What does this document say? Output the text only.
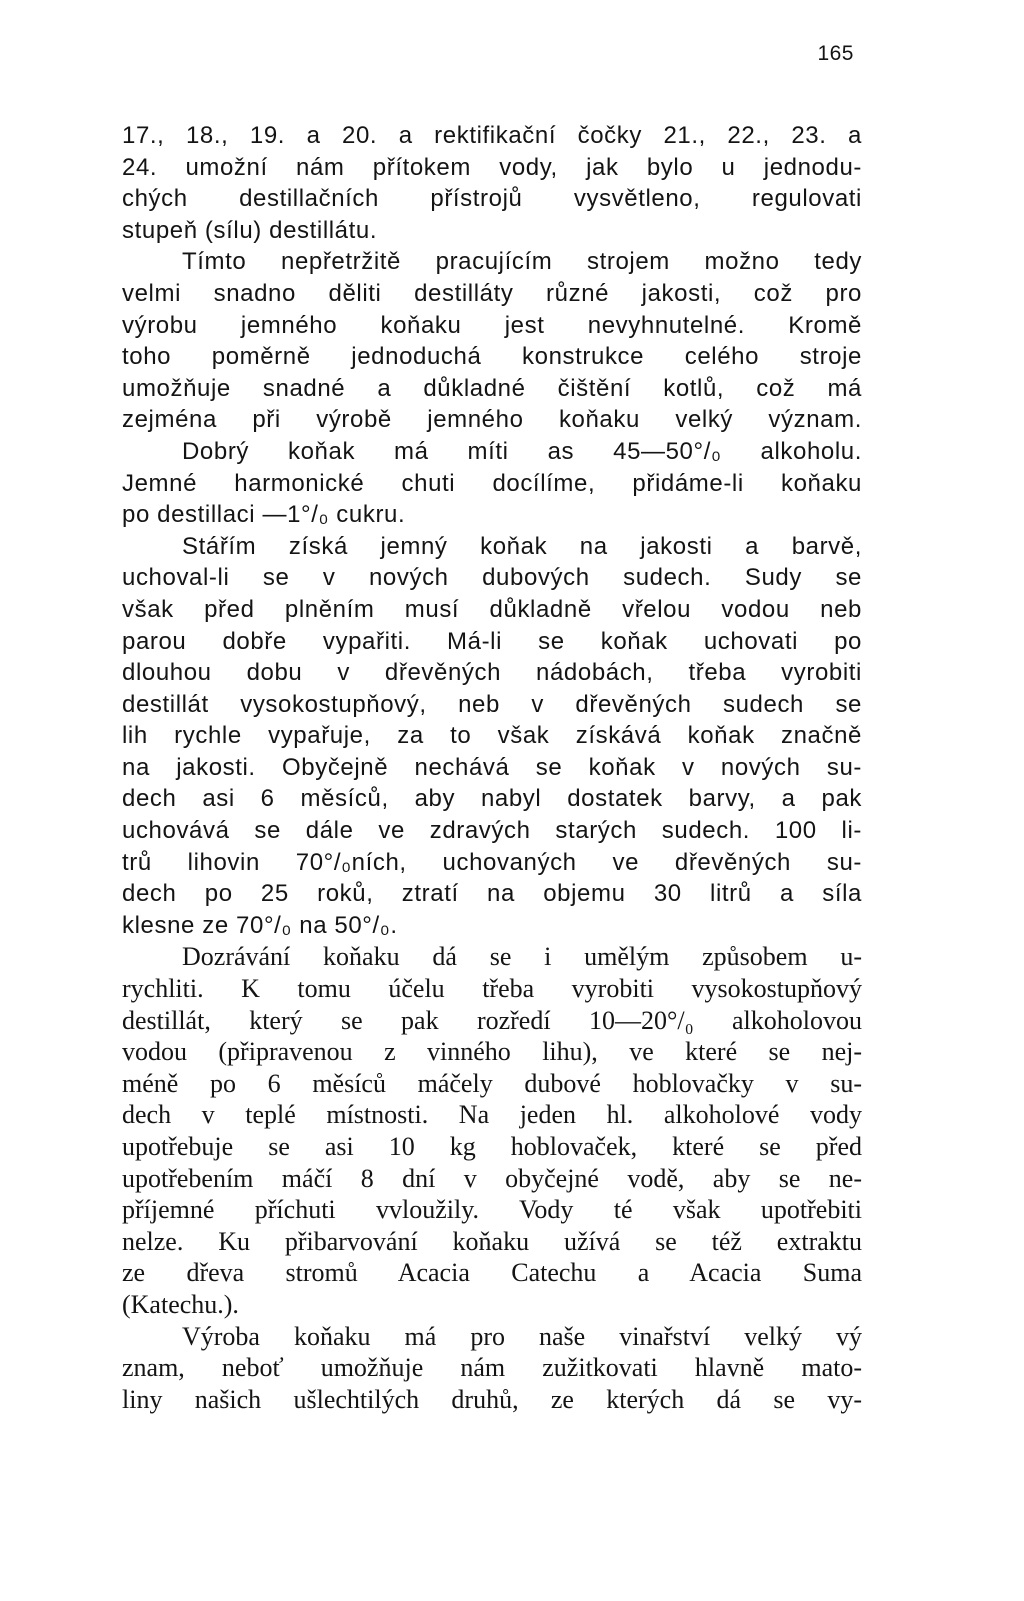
165
17., 18., 19. a 20. a rektifikační čočky 21., 22., 23. a
24. umožní nám přítokem vody, jak bylo u jednodu-
chých destillačních přístrojů vysvětleno, regulovati
stupeň (sílu) destillátu.
Tímto nepřetržitě pracujícím strojem možno tedy
velmi snadno děliti destilláty různé jakosti, což pro
výrobu jemného koňaku jest nevyhnutelné. Kromě
toho poměrně jednoduchá konstrukce celého stroje
umožňuje snadné a důkladné čištění kotlů, což má
zejména při výrobě jemného koňaku velký význam.
Dobrý koňak má míti as 45—50°/₀ alkoholu.
Jemné harmonické chuti docílíme, přidáme-li koňaku
po destillaci —1°/₀ cukru.
Stářím získá jemný koňak na jakosti a barvě,
uchoval-li se v nových dubových sudech. Sudy se
však před plněním musí důkladně vřelou vodou neb
parou dobře vypařiti. Má-li se koňak uchovati po
dlouhou dobu v dřevěných nádobách, třeba vyrobiti
destillát vysokostupňový, neb v dřevěných sudech se
lih rychle vypařuje, za to však získává koňak značně
na jakosti. Obyčejně nechává se koňak v nových su-
dech asi 6 měsíců, aby nabyl dostatek barvy, a pak
uchovává se dále ve zdravých starých sudech. 100 li-
trů lihovin 70°/₀ních, uchovaných ve dřevěných su-
dech po 25 roků, ztratí na objemu 30 litrů a síla
klesne ze 70°/₀ na 50°/₀.
Dozrávání koňaku dá se i umělým způsobem u-
rychliti. K tomu účelu třeba vyrobiti vysokostupňový
destillát, který se pak rozředí 10—20°/₀ alkoholovou
vodou (připravenou z vinného lihu), ve které se nej-
méně po 6 měsíců máčely dubové hoblovačky v su-
dech v teplé místnosti. Na jeden hl. alkoholové vody
upotřebuje se asi 10 kg hoblovaček, které se před
upotřebením máčí 8 dní v obyčejné vodě, aby se ne-
příjemné příchuti vvloužily. Vody té však upotřebiti
nelze. Ku přibarvování koňaku užívá se též extraktu
ze dřeva stromů Acacia Catechu a Acacia Suma
(Katechu.).
Výroba koňaku má pro naše vinařství velký vý
znam, neboť umožňuje nám zužitkovati hlavně mato-
liny našich ušlechtilých druhů, ze kterých dá se vy-
